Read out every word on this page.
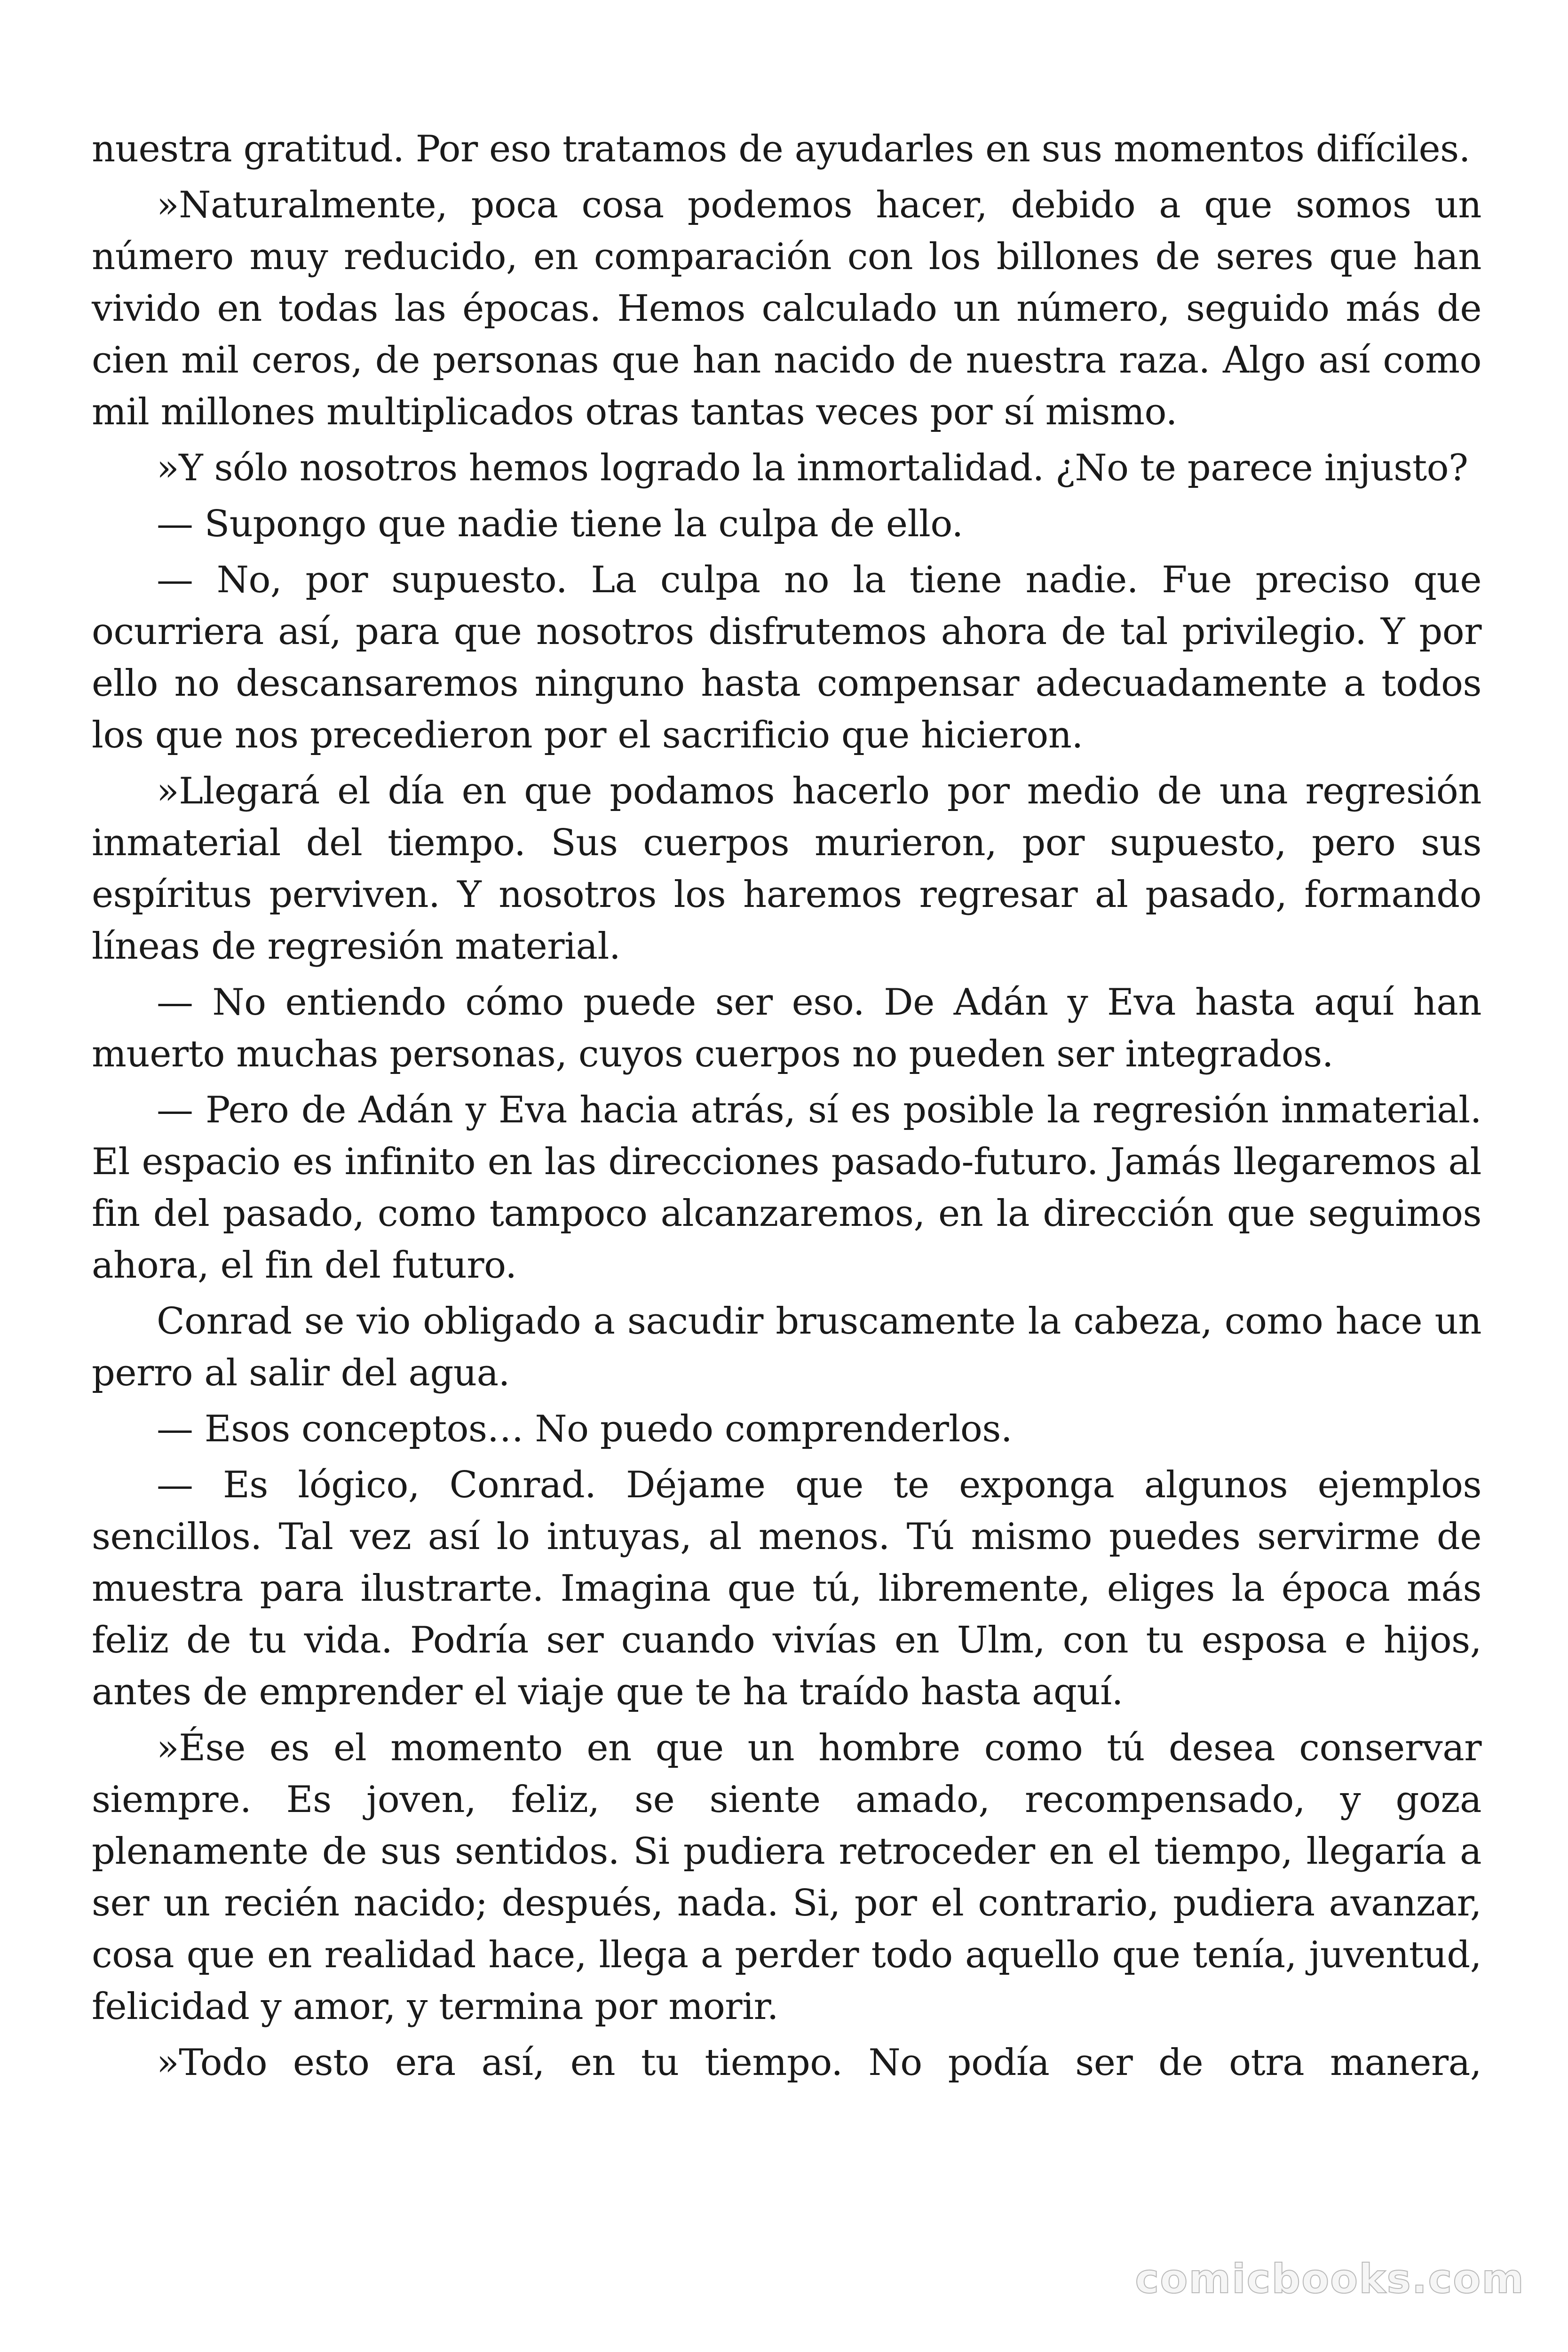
nuestra gratitud. Por eso tratamos de ayudarles en sus momentos difíciles.

»Naturalmente, poca cosa podemos hacer, debido a que somos un número muy reducido, en comparación con los billones de seres que han vivido en todas las épocas. Hemos calculado un número, seguido más de cien mil ceros, de personas que han nacido de nuestra raza. Algo así como mil millones multiplicados otras tantas veces por sí mismo.

»Y sólo nosotros hemos logrado la inmortalidad. ¿No te parece injusto?

— Supongo que nadie tiene la culpa de ello.

— No, por supuesto. La culpa no la tiene nadie. Fue preciso que ocurriera así, para que nosotros disfrutemos ahora de tal privilegio. Y por ello no descansaremos ninguno hasta compensar adecuadamente a todos los que nos precedieron por el sacrificio que hicieron.

»Llegará el día en que podamos hacerlo por medio de una regresión inmaterial del tiempo. Sus cuerpos murieron, por supuesto, pero sus espíritus perviven. Y nosotros los haremos regresar al pasado, formando líneas de regresión material.

— No entiendo cómo puede ser eso. De Adán y Eva hasta aquí han muerto muchas personas, cuyos cuerpos no pueden ser integrados.

— Pero de Adán y Eva hacia atrás, sí es posible la regresión inmaterial. El espacio es infinito en las direcciones pasado-futuro. Jamás llegaremos al fin del pasado, como tampoco alcanzaremos, en la dirección que seguimos ahora, el fin del futuro.

Conrad se vio obligado a sacudir bruscamente la cabeza, como hace un perro al salir del agua.

— Esos conceptos… No puedo comprenderlos.

— Es lógico, Conrad. Déjame que te exponga algunos ejemplos sencillos. Tal vez así lo intuyas, al menos. Tú mismo puedes servirme de muestra para ilustrarte. Imagina que tú, libremente, eliges la época más feliz de tu vida. Podría ser cuando vivías en Ulm, con tu esposa e hijos, antes de emprender el viaje que te ha traído hasta aquí.

»Ése es el momento en que un hombre como tú desea conservar siempre. Es joven, feliz, se siente amado, recompensado, y goza plenamente de sus sentidos. Si pudiera retroceder en el tiempo, llegaría a ser un recién nacido; después, nada. Si, por el contrario, pudiera avanzar, cosa que en realidad hace, llega a perder todo aquello que tenía, juventud, felicidad y amor, y termina por morir.

»Todo esto era así, en tu tiempo. No podía ser de otra manera,

comicbooks.com
